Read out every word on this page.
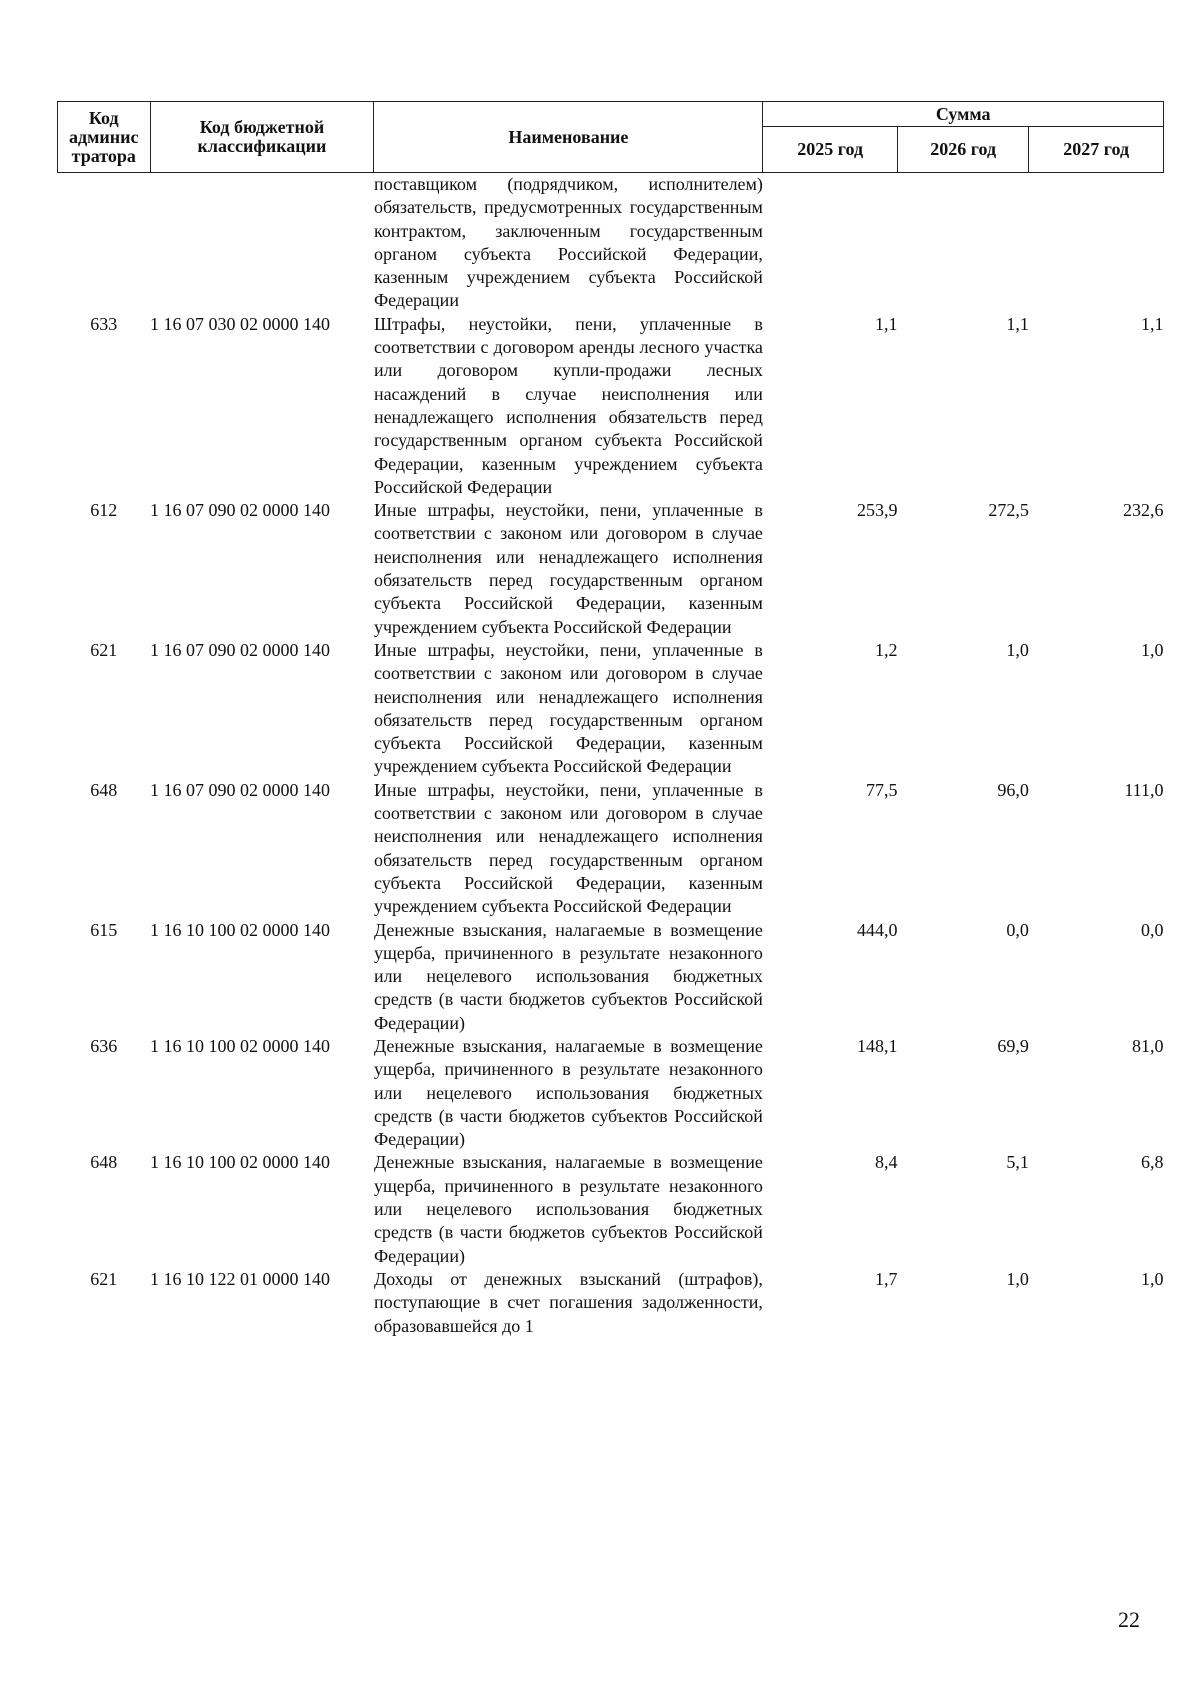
Код админис тратора	Код бюджетной классификации	Наименование	Сумма		
			2025 год	2026 год	2027 год
		поставщиком (подрядчиком, исполнителем) обязательств, предусмотренных государственным контрактом, заключенным государственным органом субъекта Российской Федерации, казенным учреждением субъекта Российской Федерации			
633	1 16 07 030 02 0000 140	Штрафы, неустойки, пени, уплаченные в соответствии с договором аренды лесного участка или договором купли-продажи лесных насаждений в случае неисполнения или ненадлежащего исполнения обязательств перед государственным органом субъекта Российской Федерации, казенным учреждением субъекта Российской Федерации	1,1	1,1	1,1
612	1 16 07 090 02 0000 140	Иные штрафы, неустойки, пени, уплаченные в соответствии с законом или договором в случае неисполнения или ненадлежащего исполнения обязательств перед государственным органом субъекта Российской Федерации, казенным учреждением субъекта Российской Федерации	253,9	272,5	232,6
621	1 16 07 090 02 0000 140	Иные штрафы, неустойки, пени, уплаченные в соответствии с законом или договором в случае неисполнения или ненадлежащего исполнения обязательств перед государственным органом субъекта Российской Федерации, казенным учреждением субъекта Российской Федерации	1,2	1,0	1,0
648	1 16 07 090 02 0000 140	Иные штрафы, неустойки, пени, уплаченные в соответствии с законом или договором в случае неисполнения или ненадлежащего исполнения обязательств перед государственным органом субъекта Российской Федерации, казенным учреждением субъекта Российской Федерации	77,5	96,0	111,0
615	1 16 10 100 02 0000 140	Денежные взыскания, налагаемые в возмещение ущерба, причиненного в результате незаконного или нецелевого использования бюджетных средств (в части бюджетов субъектов Российской Федерации)	444,0	0,0	0,0
636	1 16 10 100 02 0000 140	Денежные взыскания, налагаемые в возмещение ущерба, причиненного в результате незаконного или нецелевого использования бюджетных средств (в части бюджетов субъектов Российской Федерации)	148,1	69,9	81,0
648	1 16 10 100 02 0000 140	Денежные взыскания, налагаемые в возмещение ущерба, причиненного в результате незаконного или нецелевого использования бюджетных средств (в части бюджетов субъектов Российской Федерации)	8,4	5,1	6,8
621	1 16 10 122 01 0000 140	Доходы от денежных взысканий (штрафов), поступающие в счет погашения задолженности, образовавшейся до 1	1,7	1,0	1,0
22
